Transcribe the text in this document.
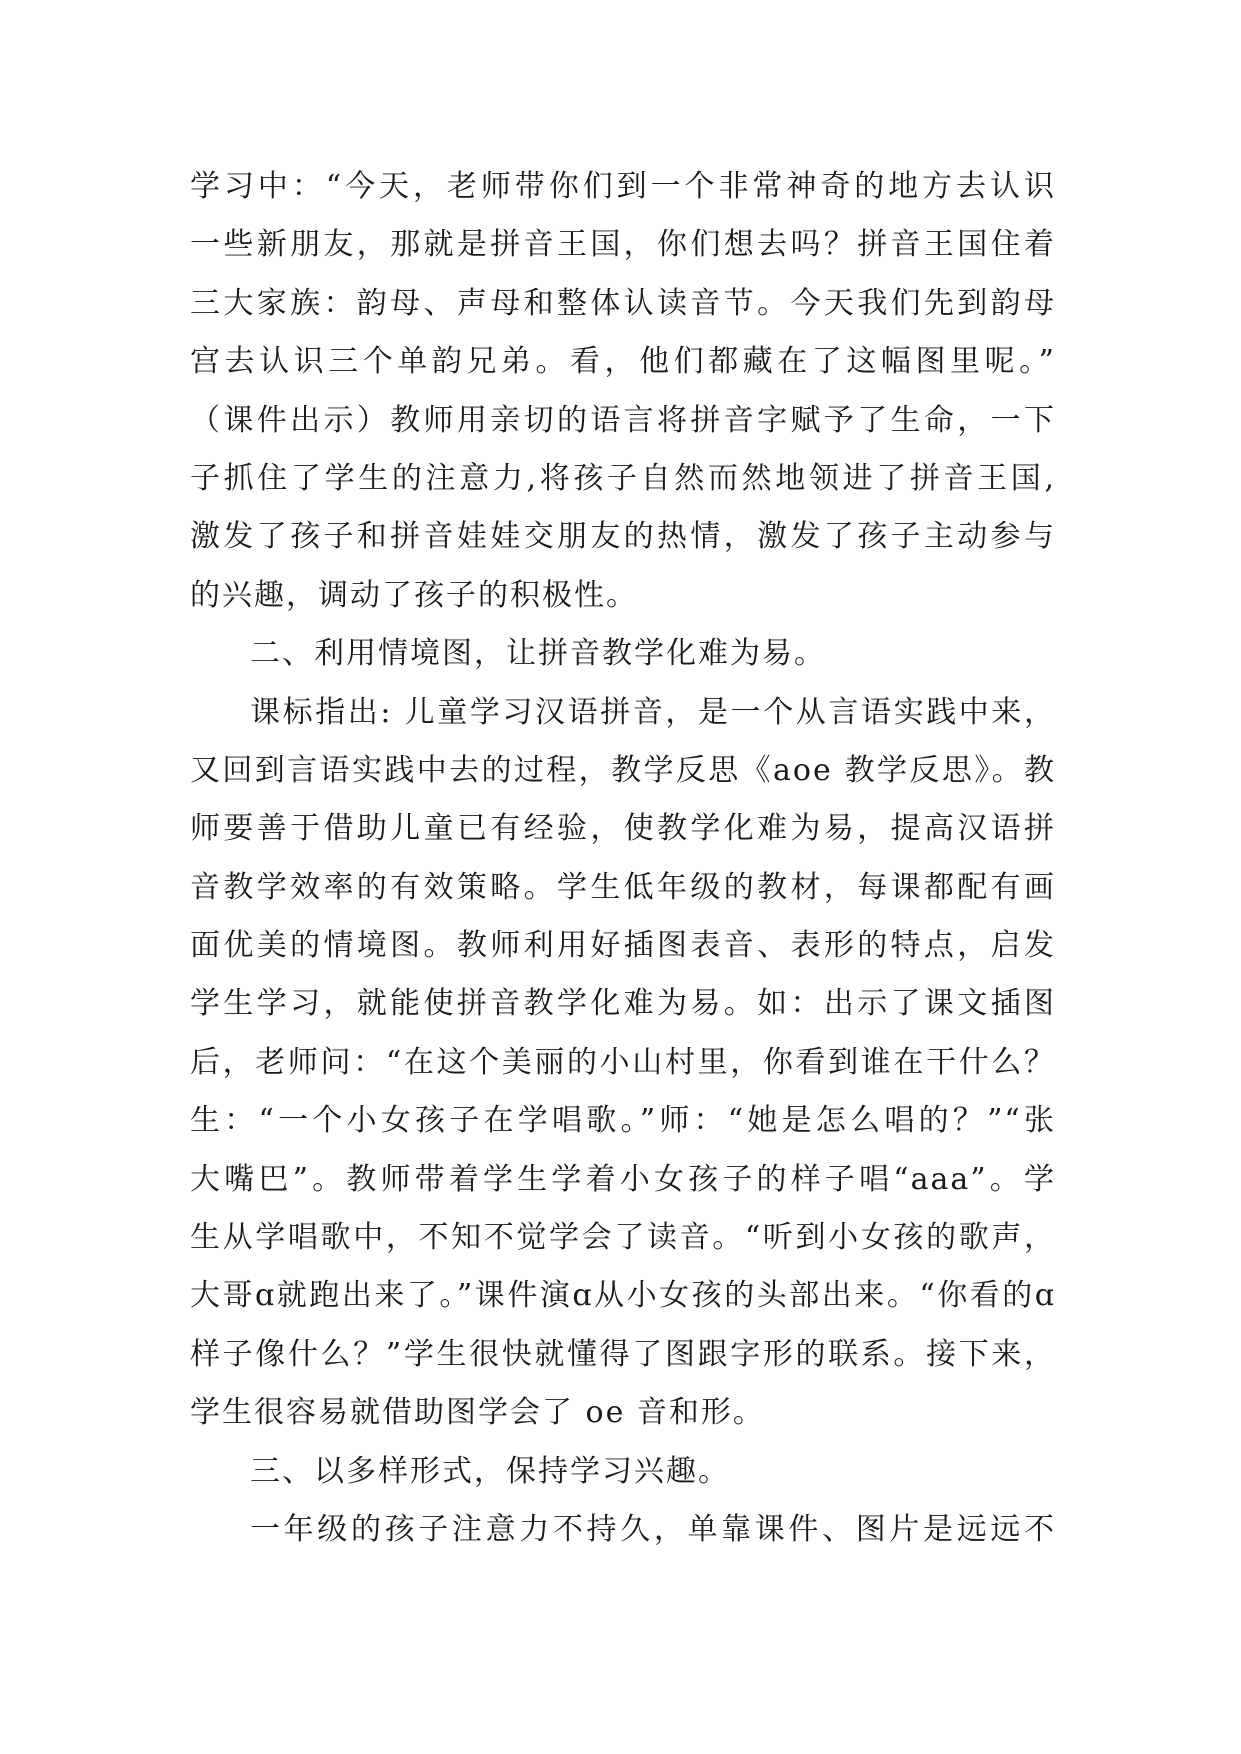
学习中：“今天，老师带你们到一个非常神奇的地方去认识
一些新朋友，那就是拼音王国，你们想去吗？拼音王国住着
三大家族：韵母、声母和整体认读音节。今天我们先到韵母
宫去认识三个单韵兄弟。看，他们都藏在了这幅图里呢。”
（课件出示）教师用亲切的语言将拼音字赋予了生命，一下
子抓住了学生的注意力,将孩子自然而然地领进了拼音王国,
激发了孩子和拼音娃娃交朋友的热情，激发了孩子主动参与
的兴趣，调动了孩子的积极性。
二、利用情境图，让拼音教学化难为易。
课标指出: 儿童学习汉语拼音，是一个从言语实践中来，
又回到言语实践中去的过程，教学反思《aoe 教学反思》。教
师要善于借助儿童已有经验，使教学化难为易，提高汉语拼
音教学效率的有效策略。学生低年级的教材，每课都配有画
面优美的情境图。教师利用好插图表音、表形的特点，启发
学生学习，就能使拼音教学化难为易。如：出示了课文插图
后，老师问：“在这个美丽的小山村里，你看到谁在干什么？
生：“一个小女孩子在学唱歌。”师：“她是怎么唱的？”“张
大嘴巴”。教师带着学生学着小女孩子的样子唱“aaa”。学
生从学唱歌中，不知不觉学会了读音。“听到小女孩的歌声，
大哥ɑ就跑出来了。”课件演ɑ从小女孩的头部出来。“你看的ɑ
样子像什么？”学生很快就懂得了图跟字形的联系。接下来，
学生很容易就借助图学会了 oe 音和形。
三、以多样形式，保持学习兴趣。
一年级的孩子注意力不持久，单靠课件、图片是远远不
